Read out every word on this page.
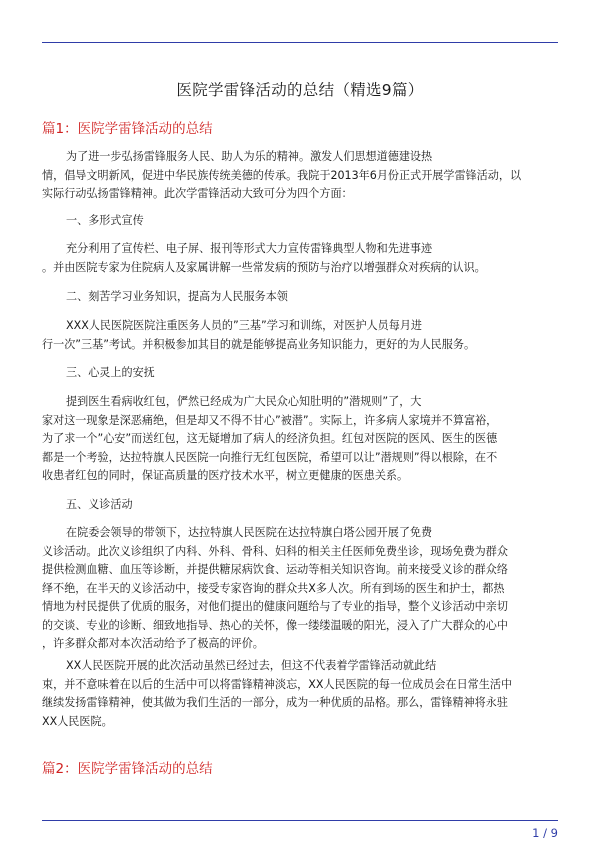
医院学雷锋活动的总结（精选9篇）
篇1：医院学雷锋活动的总结
为了进一步弘扬雷锋服务人民、助人为乐的精神。激发人们思想道德建设热
情，倡导文明新风，促进中华民族传统美德的传承。我院于2013年6月份正式开展学雷锋活动，以
实际行动弘扬雷锋精神。此次学雷锋活动大致可分为四个方面：
一、多形式宣传
充分利用了宣传栏、电子屏、报刊等形式大力宣传雷锋典型人物和先进事迹
。并由医院专家为住院病人及家属讲解一些常发病的预防与治疗以增强群众对疾病的认识。
二、刻苦学习业务知识，提高为人民服务本领
XXX人民医院医院注重医务人员的”三基”学习和训练，对医护人员每月进
行一次”三基”考试。并积极参加其目的就是能够提高业务知识能力，更好的为人民服务。
三、心灵上的安抚
提到医生看病收红包，俨然已经成为广大民众心知肚明的”潜规则”了，大
家对这一现象是深恶痛绝，但是却又不得不甘心”被潜”。实际上，许多病人家境并不算富裕，
为了求一个”心安”而送红包，这无疑增加了病人的经济负担。红包对医院的医风、医生的医德
都是一个考验，达拉特旗人民医院一向推行无红包医院，希望可以让”潜规则”得以根除，在不
收患者红包的同时，保证高质量的医疗技术水平，树立更健康的医患关系。
五、义诊活动
在院委会领导的带领下，达拉特旗人民医院在达拉特旗白塔公园开展了免费
义诊活动。此次义诊组织了内科、外科、骨科、妇科的相关主任医师免费坐诊，现场免费为群众
提供检测血糖、血压等诊断，并提供糖尿病饮食、运动等相关知识咨询。前来接受义诊的群众络
绎不绝，在半天的义诊活动中，接受专家咨询的群众共X多人次。所有到场的医生和护士，都热
情地为村民提供了优质的服务，对他们提出的健康问题给与了专业的指导，整个义诊活动中亲切
的交谈、专业的诊断、细致地指导、热心的关怀，像一缕缕温暖的阳光，浸入了广大群众的心中
，许多群众都对本次活动给予了极高的评价。
XX人民医院开展的此次活动虽然已经过去，但这不代表着学雷锋活动就此结
束，并不意味着在以后的生活中可以将雷锋精神淡忘，XX人民医院的每一位成员会在日常生活中
继续发扬雷锋精神，使其做为我们生活的一部分，成为一种优质的品格。那么，雷锋精神将永驻
XX人民医院。
篇2：医院学雷锋活动的总结
1 / 9
